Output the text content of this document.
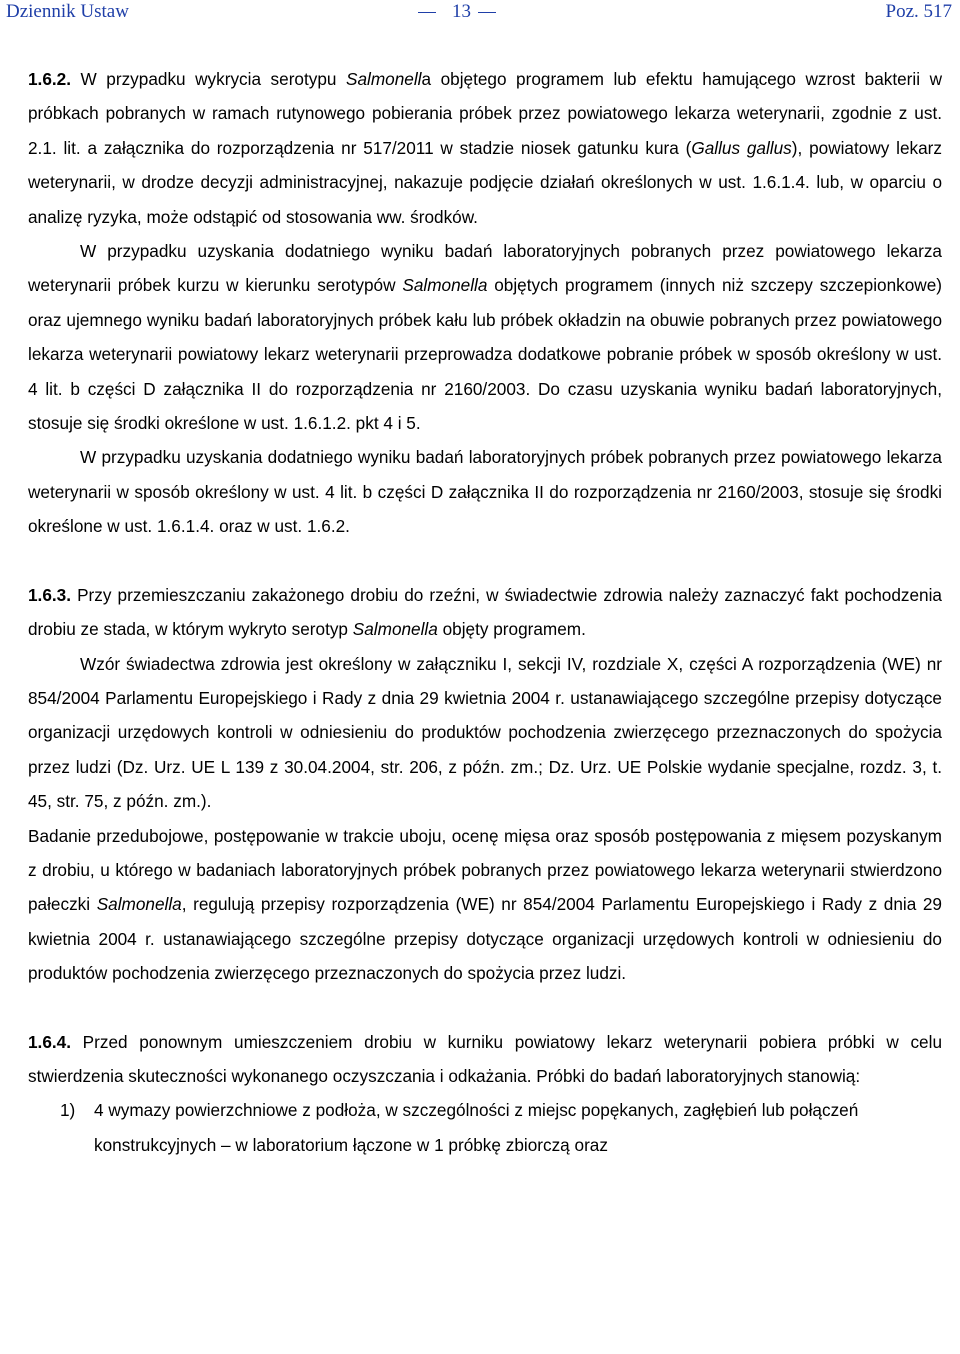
Dziennik Ustaw	13	Poz. 517

1.6.2. W przypadku wykrycia serotypu Salmonella objętego programem lub efektu hamującego wzrost bakterii w próbkach pobranych w ramach rutynowego pobierania próbek przez powiatowego lekarza weterynarii, zgodnie z ust. 2.1. lit. a załącznika do rozporządzenia nr 517/2011 w stadzie niosek gatunku kura (Gallus gallus), powiatowy lekarz weterynarii, w drodze decyzji administracyjnej, nakazuje podjęcie działań określonych w ust. 1.6.1.4. lub, w oparciu o analizę ryzyka, może odstąpić od stosowania ww. środków.

W przypadku uzyskania dodatniego wyniku badań laboratoryjnych pobranych przez powiatowego lekarza weterynarii próbek kurzu w kierunku serotypów Salmonella objętych programem (innych niż szczepy szczepionkowe) oraz ujemnego wyniku badań laboratoryjnych próbek kału lub próbek okładzin na obuwie pobranych przez powiatowego lekarza weterynarii powiatowy lekarz weterynarii przeprowadza dodatkowe pobranie próbek w sposób określony w ust. 4 lit. b części D załącznika II do rozporządzenia nr 2160/2003. Do czasu uzyskania wyniku badań laboratoryjnych, stosuje się środki określone w ust. 1.6.1.2. pkt 4 i 5.

W przypadku uzyskania dodatniego wyniku badań laboratoryjnych próbek pobranych przez powiatowego lekarza weterynarii w sposób określony w ust. 4 lit. b części D załącznika II do rozporządzenia nr 2160/2003, stosuje się środki określone w ust. 1.6.1.4. oraz w ust. 1.6.2.

1.6.3. Przy przemieszczaniu zakażonego drobiu do rzeźni, w świadectwie zdrowia należy zaznaczyć fakt pochodzenia drobiu ze stada, w którym wykryto serotyp Salmonella objęty programem.

Wzór świadectwa zdrowia jest określony w załączniku I, sekcji IV, rozdziale X, części A rozporządzenia (WE) nr 854/2004 Parlamentu Europejskiego i Rady z dnia 29 kwietnia 2004 r. ustanawiającego szczególne przepisy dotyczące organizacji urzędowych kontroli w odniesieniu do produktów pochodzenia zwierzęcego przeznaczonych do spożycia przez ludzi (Dz. Urz. UE L 139 z 30.04.2004, str. 206, z późn. zm.; Dz. Urz. UE Polskie wydanie specjalne, rozdz. 3, t. 45, str. 75, z późn. zm.).

Badanie przedubojowe, postępowanie w trakcie uboju, ocenę mięsa oraz sposób postępowania z mięsem pozyskanym z drobiu, u którego w badaniach laboratoryjnych próbek pobranych przez powiatowego lekarza weterynarii stwierdzono pałeczki Salmonella, regulują przepisy rozporządzenia (WE) nr 854/2004 Parlamentu Europejskiego i Rady z dnia 29 kwietnia 2004 r. ustanawiającego szczególne przepisy dotyczące organizacji urzędowych kontroli w odniesieniu do produktów pochodzenia zwierzęcego przeznaczonych do spożycia przez ludzi.

1.6.4. Przed ponownym umieszczeniem drobiu w kurniku powiatowy lekarz weterynarii pobiera próbki w celu stwierdzenia skuteczności wykonanego oczyszczania i odkażania. Próbki do badań laboratoryjnych stanowią:

1) 4 wymazy powierzchniowe z podłoża, w szczególności z miejsc popękanych, zagłębień lub połączeń konstrukcyjnych – w laboratorium łączone w 1 próbkę zbiorczą oraz
